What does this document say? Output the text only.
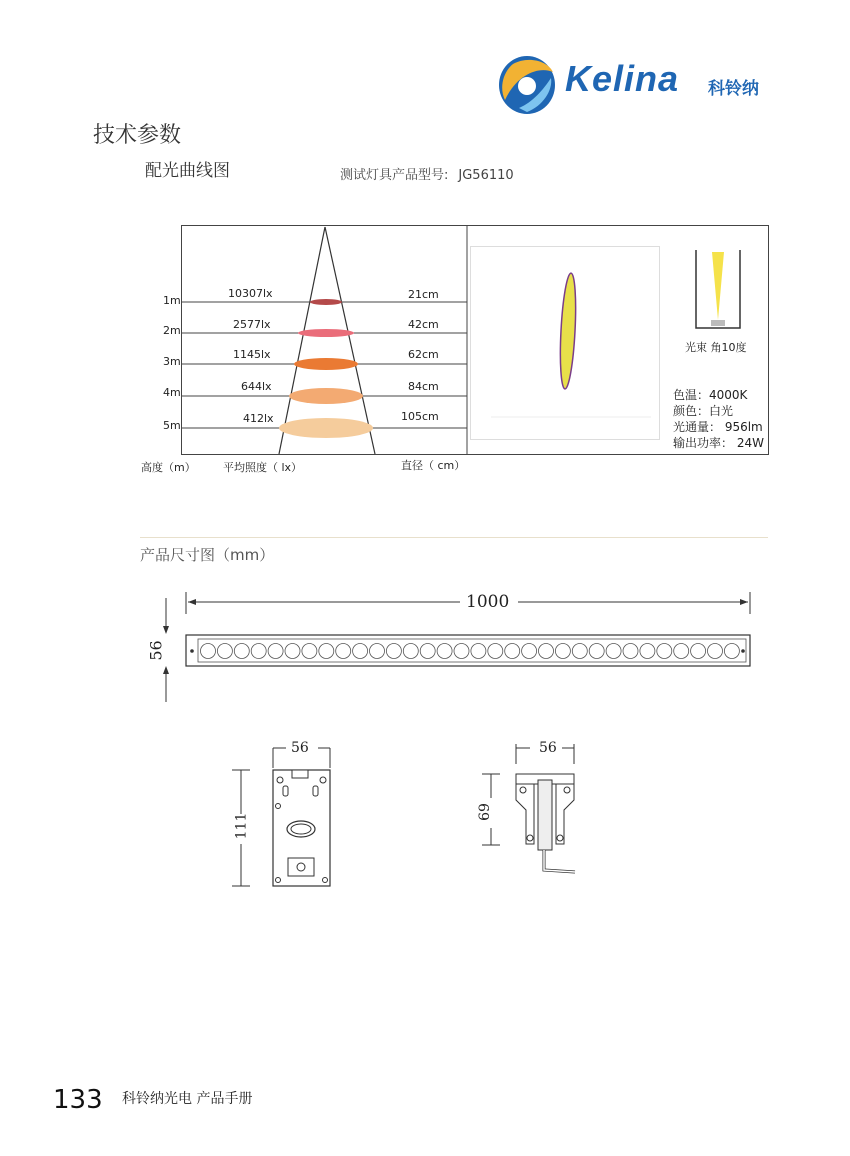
Kelina 科铃纳
技术参数
配光曲线图	测试灯具产品型号: JG56110
光束 角10度
色温：4000K
颜色：白光
光通量： 956lm
输出功率： 24W
1m
2m
3m
4m
5m
10307lx
2577lx
1145lx
644lx
412lx
21cm
42cm
62cm
84cm
105cm
高度（m） 平均照度（ lx）	直径（ cm）
产品尺寸图（mm）
1000
56
56
111
56
69
133 科铃纳光电 产品手册
